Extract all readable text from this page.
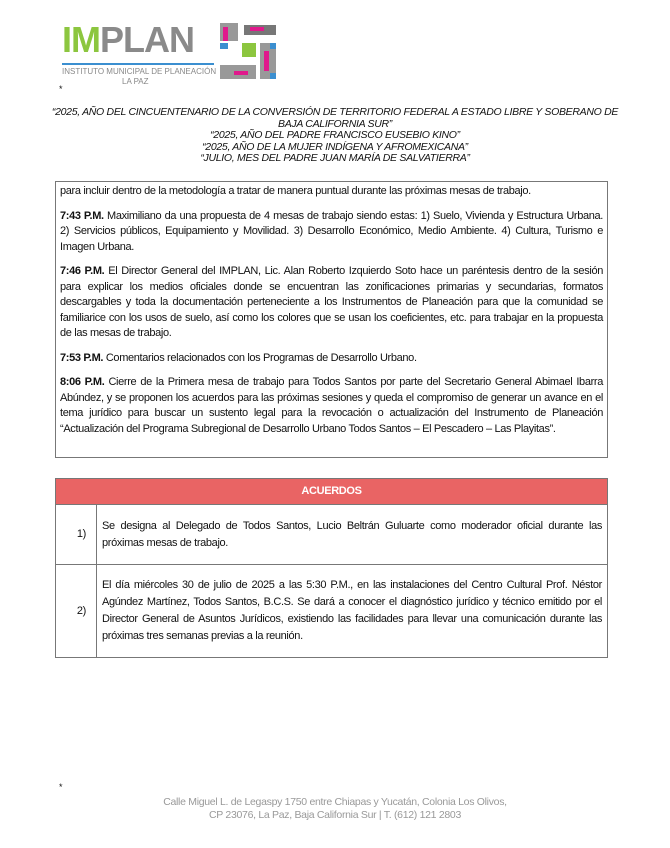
IMPLAN
INSTITUTO MUNICIPAL DE PLANEACIÓN
LA PAZ
*
“2025, AÑO DEL CINCUENTENARIO DE LA CONVERSIÓN DE TERRITORIO FEDERAL A ESTADO LIBRE Y SOBERANO DE BAJA CALIFORNIA SUR”
“2025, AÑO DEL PADRE FRANCISCO EUSEBIO KINO”
“2025, AÑO DE LA MUJER INDÍGENA Y AFROMEXICANA”
“JULIO, MES DEL PADRE JUAN MARÍA DE SALVATIERRA”

para incluir dentro de la metodología a tratar de manera puntual durante las próximas mesas de trabajo.

7:43 P.M. Maximiliano da una propuesta de 4 mesas de trabajo siendo estas: 1) Suelo, Vivienda y Estructura Urbana. 2) Servicios públicos, Equipamiento y Movilidad. 3) Desarrollo Económico, Medio Ambiente. 4) Cultura, Turismo e Imagen Urbana.

7:46 P.M. El Director General del IMPLAN, Lic. Alan Roberto Izquierdo Soto hace un paréntesis dentro de la sesión para explicar los medios oficiales donde se encuentran las zonificaciones primarias y secundarias, formatos descargables y toda la documentación perteneciente a los Instrumentos de Planeación para que la comunidad se familiarice con los usos de suelo, así como los colores que se usan los coeficientes, etc. para trabajar en la propuesta de las mesas de trabajo.

7:53 P.M. Comentarios relacionados con los Programas de Desarrollo Urbano.

8:06 P.M. Cierre de la Primera mesa de trabajo para Todos Santos por parte del Secretario General Abimael Ibarra Abúndez, y se proponen los acuerdos para las próximas sesiones y queda el compromiso de generar un avance en el tema jurídico para buscar un sustento legal para la revocación o actualización del Instrumento de Planeación “Actualización del Programa Subregional de Desarrollo Urbano Todos Santos – El Pescadero – Las Playitas”.

ACUERDOS	
1)	Se designa al Delegado de Todos Santos, Lucio Beltrán Guluarte como moderador oficial durante las próximas mesas de trabajo.
2)	El día miércoles 30 de julio de 2025 a las 5:30 P.M., en las instalaciones del Centro Cultural Prof. Néstor Agúndez Martínez, Todos Santos, B.C.S. Se dará a conocer el diagnóstico jurídico y técnico emitido por el Director General de Asuntos Jurídicos, existiendo las facilidades para llevar una comunicación durante las próximas tres semanas previas a la reunión.
*
Calle Miguel L. de Legaspy 1750 entre Chiapas y Yucatán, Colonia Los Olivos,
CP 23076, La Paz, Baja California Sur | T. (612) 121 2803
